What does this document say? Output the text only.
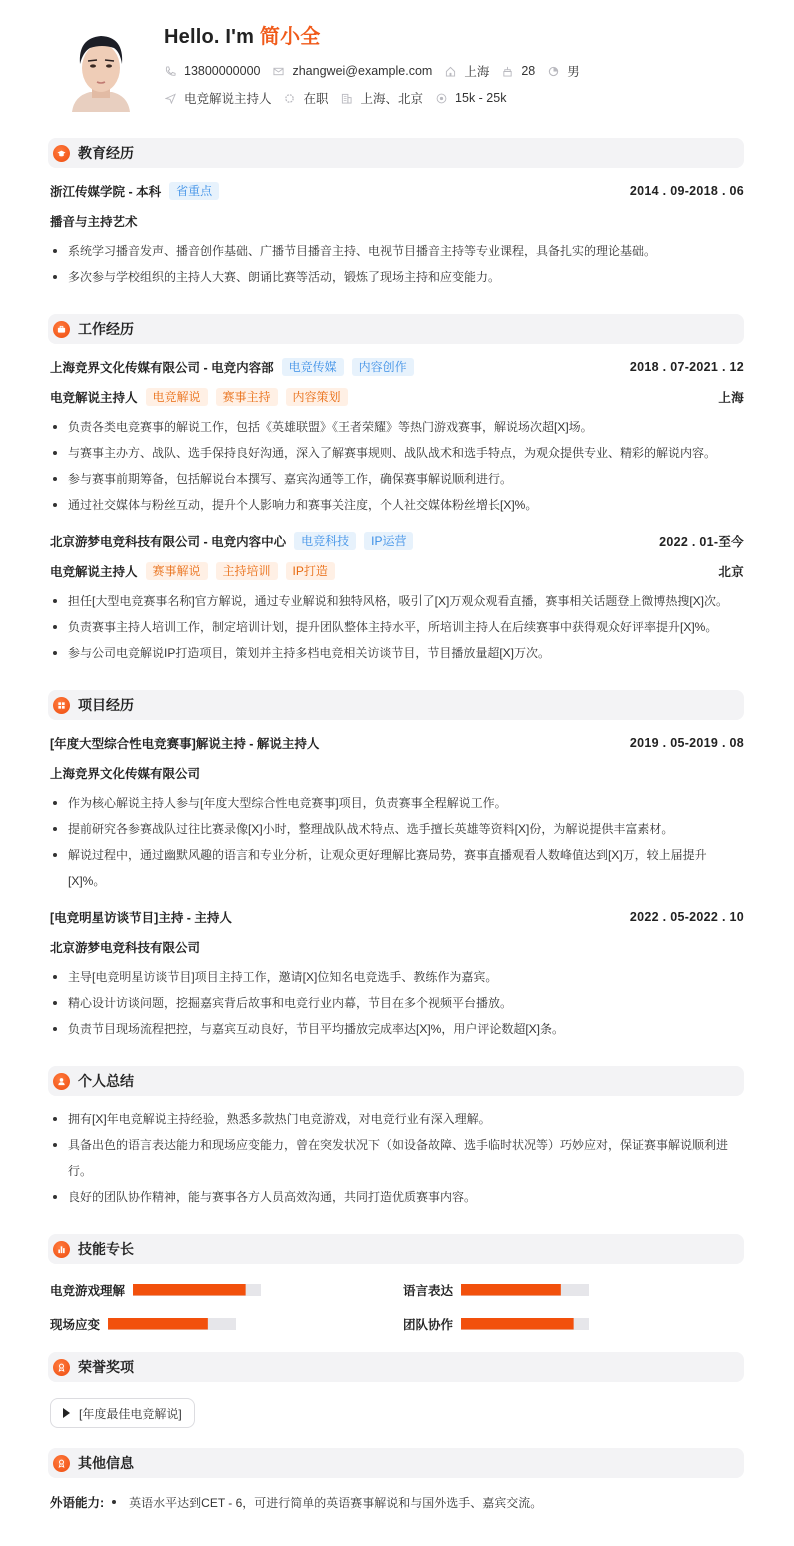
Hello. I'm 简小全
13800000000	zhangwei@example.com	上海	28	男
电竞解说主持人	在职	上海、北京	15k - 25k
教育经历
浙江传媒学院 - 本科	省重点	2014 . 09-2018 . 06
播音与主持艺术
系统学习播音发声、播音创作基础、广播节目播音主持、电视节目播音主持等专业课程，具备扎实的理论基础。
多次参与学校组织的主持人大赛、朗诵比赛等活动，锻炼了现场主持和应变能力。
工作经历
上海竞界文化传媒有限公司 - 电竞内容部	电竞传媒	内容创作	2018 . 07-2021 . 12
电竞解说主持人	电竞解说	赛事主持	内容策划	上海
负责各类电竞赛事的解说工作，包括《英雄联盟》《王者荣耀》等热门游戏赛事，解说场次超[X]场。
与赛事主办方、战队、选手保持良好沟通，深入了解赛事规则、战队战术和选手特点，为观众提供专业、精彩的解说内容。
参与赛事前期筹备，包括解说台本撰写、嘉宾沟通等工作，确保赛事解说顺利进行。
通过社交媒体与粉丝互动，提升个人影响力和赛事关注度，个人社交媒体粉丝增长[X]%。
北京游梦电竞科技有限公司 - 电竞内容中心	电竞科技	IP运营	2022 . 01-至今
电竞解说主持人	赛事解说	主持培训	IP打造	北京
担任[大型电竞赛事名称]官方解说，通过专业解说和独特风格，吸引了[X]万观众观看直播，赛事相关话题登上微博热搜[X]次。
负责赛事主持人培训工作，制定培训计划，提升团队整体主持水平，所培训主持人在后续赛事中获得观众好评率提升[X]%。
参与公司电竞解说IP打造项目，策划并主持多档电竞相关访谈节目，节目播放量超[X]万次。
项目经历
[年度大型综合性电竞赛事]解说主持 - 解说主持人	2019 . 05-2019 . 08
上海竞界文化传媒有限公司
作为核心解说主持人参与[年度大型综合性电竞赛事]项目，负责赛事全程解说工作。
提前研究各参赛战队过往比赛录像[X]小时，整理战队战术特点、选手擅长英雄等资料[X]份，为解说提供丰富素材。
解说过程中，通过幽默风趣的语言和专业分析，让观众更好理解比赛局势，赛事直播观看人数峰值达到[X]万，较上届提升[X]%。
[电竞明星访谈节目]主持 - 主持人	2022 . 05-2022 . 10
北京游梦电竞科技有限公司
主导[电竞明星访谈节目]项目主持工作，邀请[X]位知名电竞选手、教练作为嘉宾。
精心设计访谈问题，挖掘嘉宾背后故事和电竞行业内幕，节目在多个视频平台播放。
负责节目现场流程把控，与嘉宾互动良好，节目平均播放完成率达[X]%，用户评论数超[X]条。
个人总结
拥有[X]年电竞解说主持经验，熟悉多款热门电竞游戏，对电竞行业有深入理解。
具备出色的语言表达能力和现场应变能力，曾在突发状况下（如设备故障、选手临时状况等）巧妙应对，保证赛事解说顺利进行。
良好的团队协作精神，能与赛事各方人员高效沟通，共同打造优质赛事内容。
技能专长
电竞游戏理解	语言表达
现场应变	团队协作
荣誉奖项
[年度最佳电竞解说]
其他信息
外语能力: 英语水平达到CET - 6，可进行简单的英语赛事解说和与国外选手、嘉宾交流。
